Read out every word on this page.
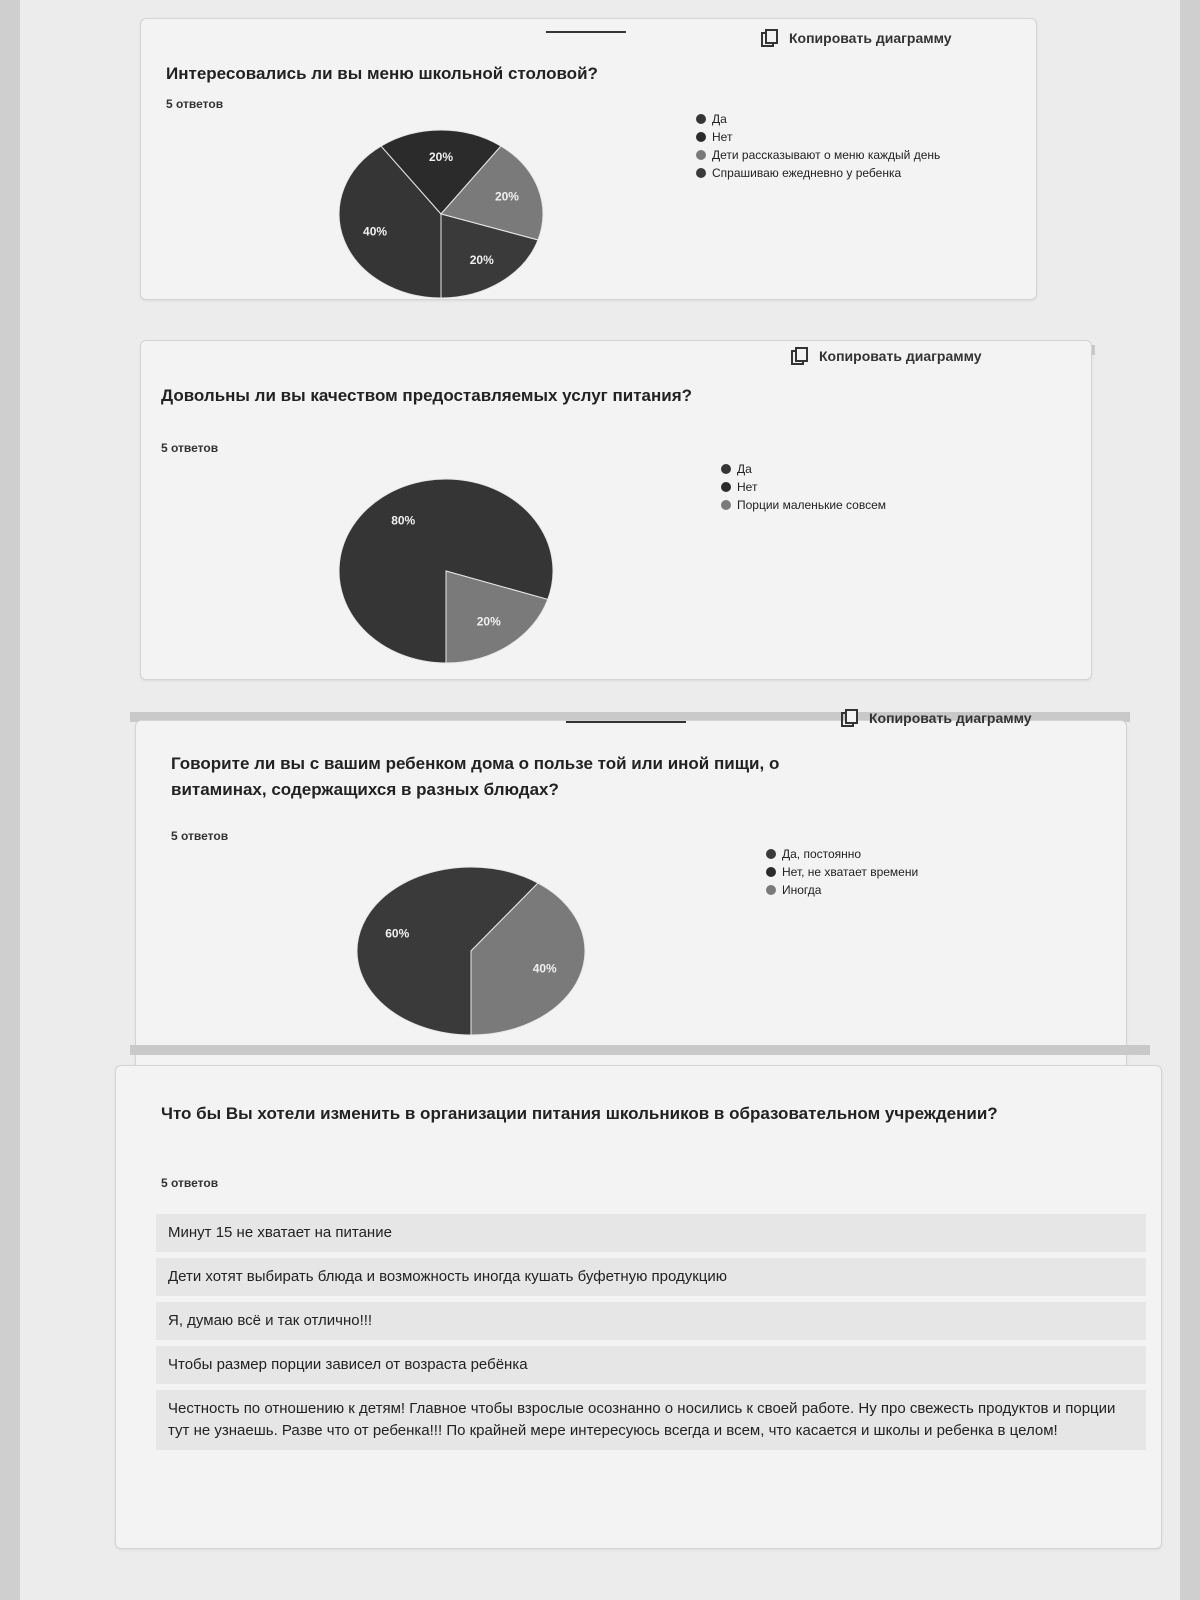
Интересовались ли вы меню школьной столовой?
5 ответов
Копировать диаграмму
40%
20%
20%
20%
Да
Нет
Дети рассказывают о меню каждый день
Спрашиваю ежедневно у ребенка
Довольны ли вы качеством предоставляемых услуг питания?
5 ответов
Копировать диаграмму
80%
20%
Да
Нет
Порции маленькие совсем
Говорите ли вы с вашим ребенком дома о пользе той или иной пищи, о витаминах, содержащихся в разных блюдах?
5 ответов
Копировать диаграмму
60%
40%
Да, постоянно
Нет, не хватает времени
Иногда
Что бы Вы хотели изменить в организации питания школьников в образовательном учреждении?
5 ответов
Минут 15 не хватает на питание
Дети хотят выбирать блюда и возможность иногда кушать буфетную продукцию
Я, думаю всё и так отлично!!!
Чтобы размер порции зависел от возраста ребёнка
Честность по отношению к детям! Главное чтобы взрослые осознанно о носились к своей работе. Ну про свежесть продуктов и порции тут не узнаешь. Разве что от ребенка!!! По крайней мере интересуюсь всегда и всем, что касается и школы и ребенка в целом!
